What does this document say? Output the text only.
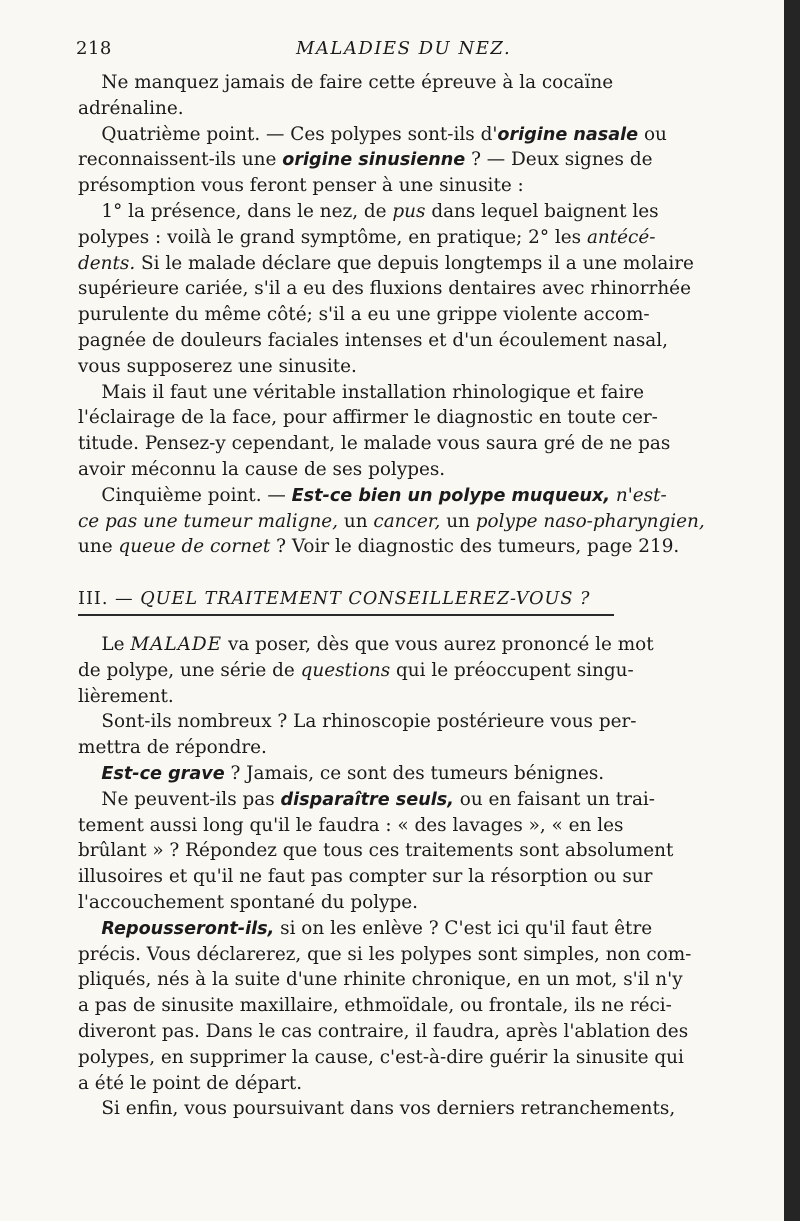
218	MALADIES DU NEZ.
Ne manquez jamais de faire cette épreuve à la cocaïne
adrénaline.
Quatrième point. — Ces polypes sont-ils d'origine nasale ou
reconnaissent-ils une origine sinusienne ? — Deux signes de
présomption vous feront penser à une sinusite :
1° la présence, dans le nez, de pus dans lequel baignent les
polypes : voilà le grand symptôme, en pratique; 2° les antécé-
dents. Si le malade déclare que depuis longtemps il a une molaire
supérieure cariée, s'il a eu des fluxions dentaires avec rhinorrhée
purulente du même côté; s'il a eu une grippe violente accom-
pagnée de douleurs faciales intenses et d'un écoulement nasal,
vous supposerez une sinusite.
Mais il faut une véritable installation rhinologique et faire
l'éclairage de la face, pour affirmer le diagnostic en toute cer-
titude. Pensez-y cependant, le malade vous saura gré de ne pas
avoir méconnu la cause de ses polypes.
Cinquième point. — Est-ce bien un polype muqueux, n'est-
ce pas une tumeur maligne, un cancer, un polype naso-pharyngien,
une queue de cornet ? Voir le diagnostic des tumeurs, page 219.
III. — QUEL TRAITEMENT CONSEILLEREZ-VOUS ?
Le MALADE va poser, dès que vous aurez prononcé le mot
de polype, une série de questions qui le préoccupent singu-
lièrement.
Sont-ils nombreux ? La rhinoscopie postérieure vous per-
mettra de répondre.
Est-ce grave ? Jamais, ce sont des tumeurs bénignes.
Ne peuvent-ils pas disparaître seuls, ou en faisant un trai-
tement aussi long qu'il le faudra : « des lavages », « en les
brûlant » ? Répondez que tous ces traitements sont absolument
illusoires et qu'il ne faut pas compter sur la résorption ou sur
l'accouchement spontané du polype.
Repousseront-ils, si on les enlève ? C'est ici qu'il faut être
précis. Vous déclarerez, que si les polypes sont simples, non com-
pliqués, nés à la suite d'une rhinite chronique, en un mot, s'il n'y
a pas de sinusite maxillaire, ethmoïdale, ou frontale, ils ne réci-
diveront pas. Dans le cas contraire, il faudra, après l'ablation des
polypes, en supprimer la cause, c'est-à-dire guérir la sinusite qui
a été le point de départ.
Si enfin, vous poursuivant dans vos derniers retranchements,
